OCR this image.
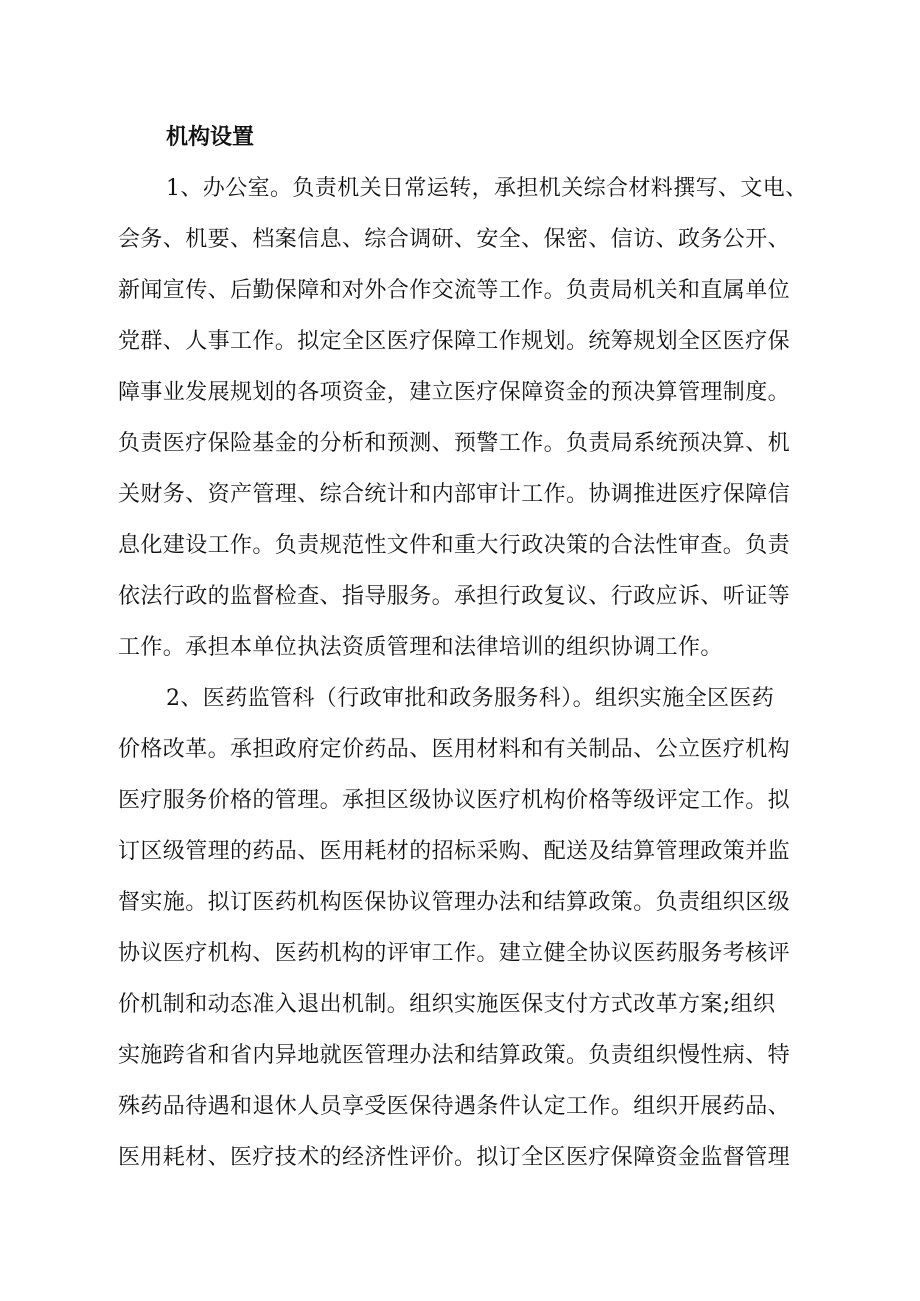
机构设置
1、办公室。负责机关日常运转，承担机关综合材料撰写、文电、
会务、机要、档案信息、综合调研、安全、保密、信访、政务公开、
新闻宣传、后勤保障和对外合作交流等工作。负责局机关和直属单位
党群、人事工作。拟定全区医疗保障工作规划。统筹规划全区医疗保
障事业发展规划的各项资金，建立医疗保障资金的预决算管理制度。
负责医疗保险基金的分析和预测、预警工作。负责局系统预决算、机
关财务、资产管理、综合统计和内部审计工作。协调推进医疗保障信
息化建设工作。负责规范性文件和重大行政决策的合法性审查。负责
依法行政的监督检查、指导服务。承担行政复议、行政应诉、听证等
工作。承担本单位执法资质管理和法律培训的组织协调工作。
2、医药监管科（行政审批和政务服务科）。组织实施全区医药
价格改革。承担政府定价药品、医用材料和有关制品、公立医疗机构
医疗服务价格的管理。承担区级协议医疗机构价格等级评定工作。拟
订区级管理的药品、医用耗材的招标采购、配送及结算管理政策并监
督实施。拟订医药机构医保协议管理办法和结算政策。负责组织区级
协议医疗机构、医药机构的评审工作。建立健全协议医药服务考核评
价机制和动态准入退出机制。组织实施医保支付方式改革方案;组织
实施跨省和省内异地就医管理办法和结算政策。负责组织慢性病、特
殊药品待遇和退休人员享受医保待遇条件认定工作。组织开展药品、
医用耗材、医疗技术的经济性评价。拟订全区医疗保障资金监督管理
